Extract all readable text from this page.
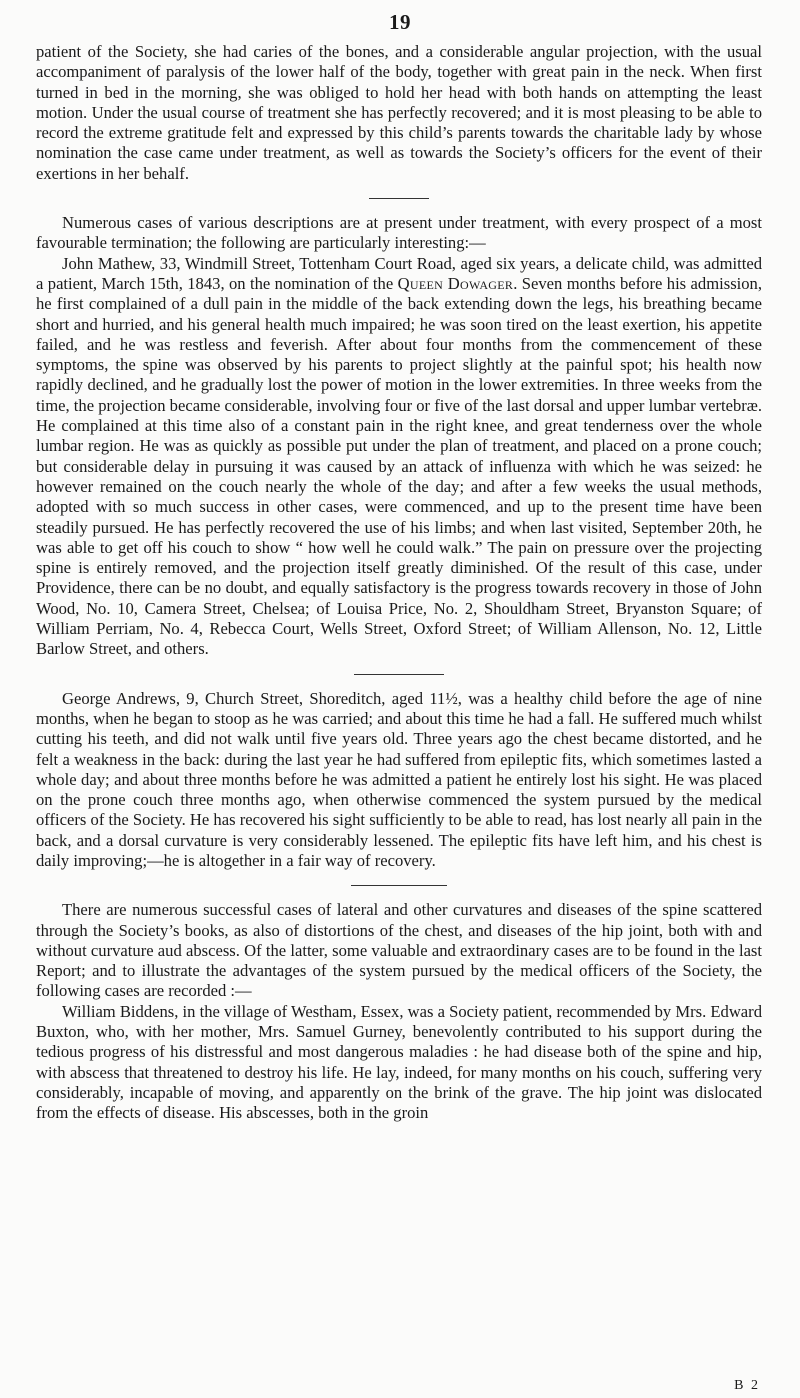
19

patient of the Society, she had caries of the bones, and a considerable angular projection, with the usual accompaniment of paralysis of the lower half of the body, together with great pain in the neck. When first turned in bed in the morning, she was obliged to hold her head with both hands on attempting the least motion. Under the usual course of treatment she has perfectly recovered; and it is most pleasing to be able to record the extreme gratitude felt and expressed by this child’s parents towards the charitable lady by whose nomination the case came under treatment, as well as towards the Society’s officers for the event of their exertions in her behalf.

Numerous cases of various descriptions are at present under treatment, with every prospect of a most favourable termination; the following are particularly interesting:—

John Mathew, 33, Windmill Street, Tottenham Court Road, aged six years, a delicate child, was admitted a patient, March 15th, 1843, on the nomination of the Queen Dowager. Seven months before his admission, he first complained of a dull pain in the middle of the back extending down the legs, his breathing became short and hurried, and his general health much impaired; he was soon tired on the least exertion, his appetite failed, and he was restless and feverish. After about four months from the commencement of these symptoms, the spine was observed by his parents to project slightly at the painful spot; his health now rapidly declined, and he gradually lost the power of motion in the lower extremities. In three weeks from the time, the projection became considerable, involving four or five of the last dorsal and upper lumbar vertebræ. He complained at this time also of a constant pain in the right knee, and great tenderness over the whole lumbar region. He was as quickly as possible put under the plan of treatment, and placed on a prone couch; but considerable delay in pursuing it was caused by an attack of influenza with which he was seized: he however remained on the couch nearly the whole of the day; and after a few weeks the usual methods, adopted with so much success in other cases, were commenced, and up to the present time have been steadily pursued. He has perfectly recovered the use of his limbs; and when last visited, September 20th, he was able to get off his couch to show “ how well he could walk.” The pain on pressure over the projecting spine is entirely removed, and the projection itself greatly diminished. Of the result of this case, under Providence, there can be no doubt, and equally satisfactory is the progress towards recovery in those of John Wood, No. 10, Camera Street, Chelsea; of Louisa Price, No. 2, Shouldham Street, Bryanston Square; of William Perriam, No. 4, Rebecca Court, Wells Street, Oxford Street; of William Allenson, No. 12, Little Barlow Street, and others.

George Andrews, 9, Church Street, Shoreditch, aged 11½, was a healthy child before the age of nine months, when he began to stoop as he was carried; and about this time he had a fall. He suffered much whilst cutting his teeth, and did not walk until five years old. Three years ago the chest became distorted, and he felt a weakness in the back: during the last year he had suffered from epileptic fits, which sometimes lasted a whole day; and about three months before he was admitted a patient he entirely lost his sight. He was placed on the prone couch three months ago, when otherwise commenced the system pursued by the medical officers of the Society. He has recovered his sight sufficiently to be able to read, has lost nearly all pain in the back, and a dorsal curvature is very considerably lessened. The epileptic fits have left him, and his chest is daily improving;—he is altogether in a fair way of recovery.

There are numerous successful cases of lateral and other curvatures and diseases of the spine scattered through the Society’s books, as also of distortions of the chest, and diseases of the hip joint, both with and without curvature aud abscess. Of the latter, some valuable and extraordinary cases are to be found in the last Report; and to illustrate the advantages of the system pursued by the medical officers of the Society, the following cases are recorded :—

William Biddens, in the village of Westham, Essex, was a Society patient, recommended by Mrs. Edward Buxton, who, with her mother, Mrs. Samuel Gurney, benevolently contributed to his support during the tedious progress of his distressful and most dangerous maladies : he had disease both of the spine and hip, with abscess that threatened to destroy his life. He lay, indeed, for many months on his couch, suffering very considerably, incapable of moving, and apparently on the brink of the grave. The hip joint was dislocated from the effects of disease. His abscesses, both in the groin

B 2
